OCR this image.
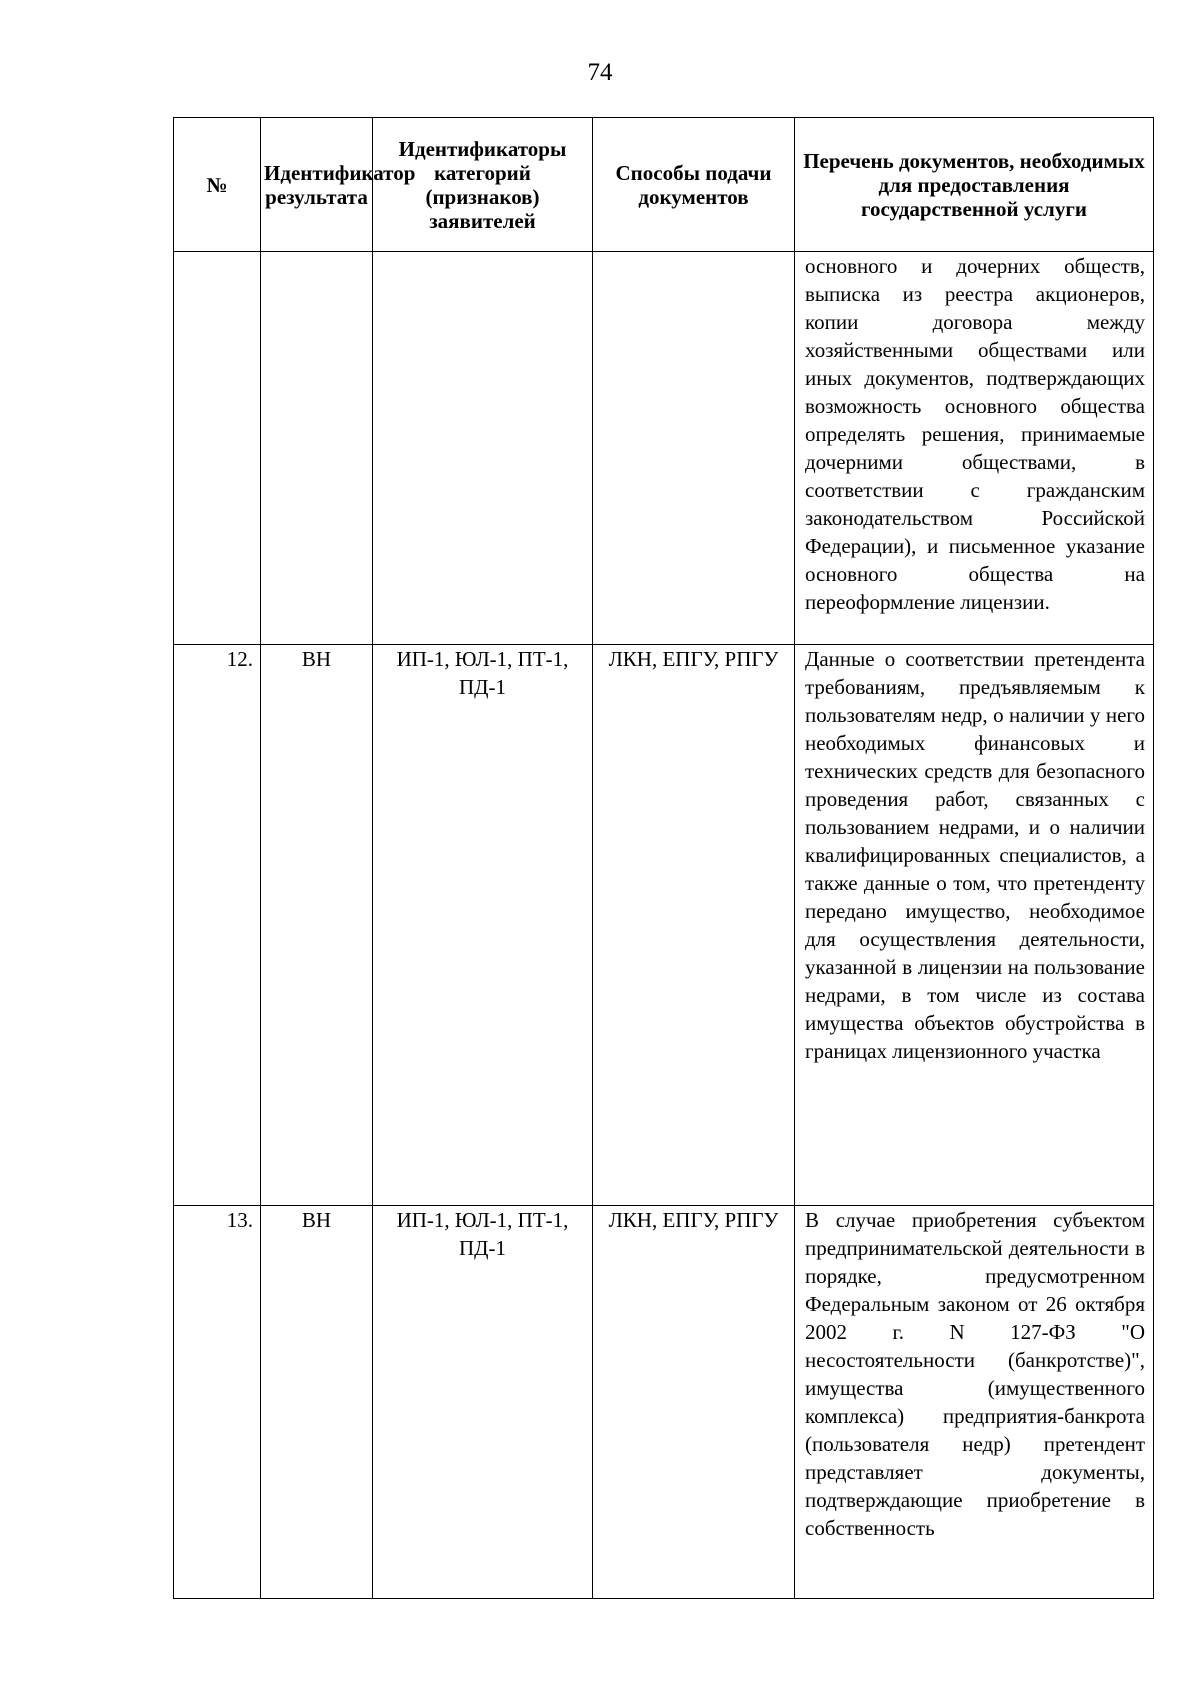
74
№	Идентификатор результата	Идентификаторы категорий (признаков) заявителей	Способы подачи документов	Перечень документов, необходимых для предоставления государственной услуги
				основного и дочерних обществ, выписка из реестра акционеров, копии договора между хозяйственными обществами или иных документов, подтверждающих возможность основного общества определять решения, принимаемые дочерними обществами, в соответствии с гражданским законодательством Российской Федерации), и письменное указание основного общества на переоформление лицензии.
12.	ВН	ИП-1, ЮЛ-1, ПТ-1, ПД-1	ЛКН, ЕПГУ, РПГУ	Данные о соответствии претендента требованиям, предъявляемым к пользователям недр, о наличии у него необходимых финансовых и технических средств для безопасного проведения работ, связанных с пользованием недрами, и о наличии квалифицированных специалистов, а также данные о том, что претенденту передано имущество, необходимое для осуществления деятельности, указанной в лицензии на пользование недрами, в том числе из состава имущества объектов обустройства в границах лицензионного участка
13.	ВН	ИП-1, ЮЛ-1, ПТ-1, ПД-1	ЛКН, ЕПГУ, РПГУ	В случае приобретения субъектом предпринимательской деятельности в порядке, предусмотренном Федеральным законом от 26 октября 2002 г. N 127-ФЗ "О несостоятельности (банкротстве)", имущества (имущественного комплекса) предприятия-банкрота (пользователя недр) претендент представляет документы, подтверждающие приобретение в собственность
